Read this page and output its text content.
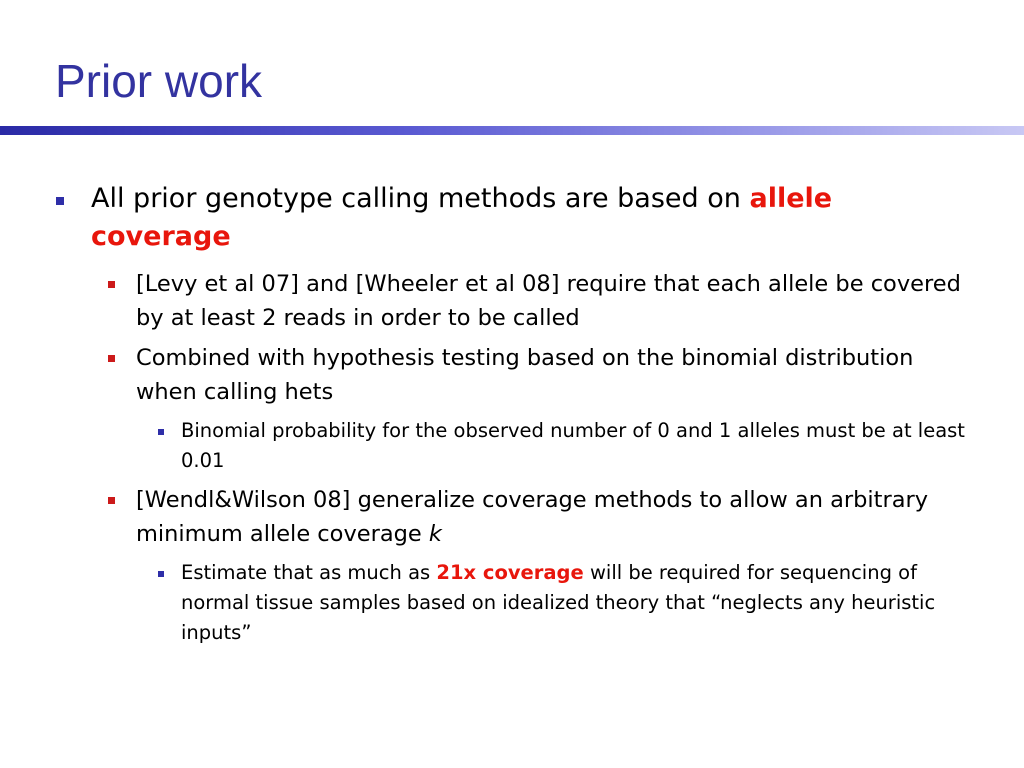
Prior work
All prior genotype calling methods are based on allele coverage
[Levy et al 07] and [Wheeler et al 08] require that each allele be covered by at least 2 reads in order to be called
Combined with hypothesis testing based on the binomial distribution when calling hets
Binomial probability for the observed number of 0 and 1 alleles must be at least 0.01
[Wendl&Wilson 08] generalize coverage methods to allow an arbitrary minimum allele coverage k
Estimate that as much as 21x coverage will be required for sequencing of normal tissue samples based on idealized theory that “neglects any heuristic inputs”
